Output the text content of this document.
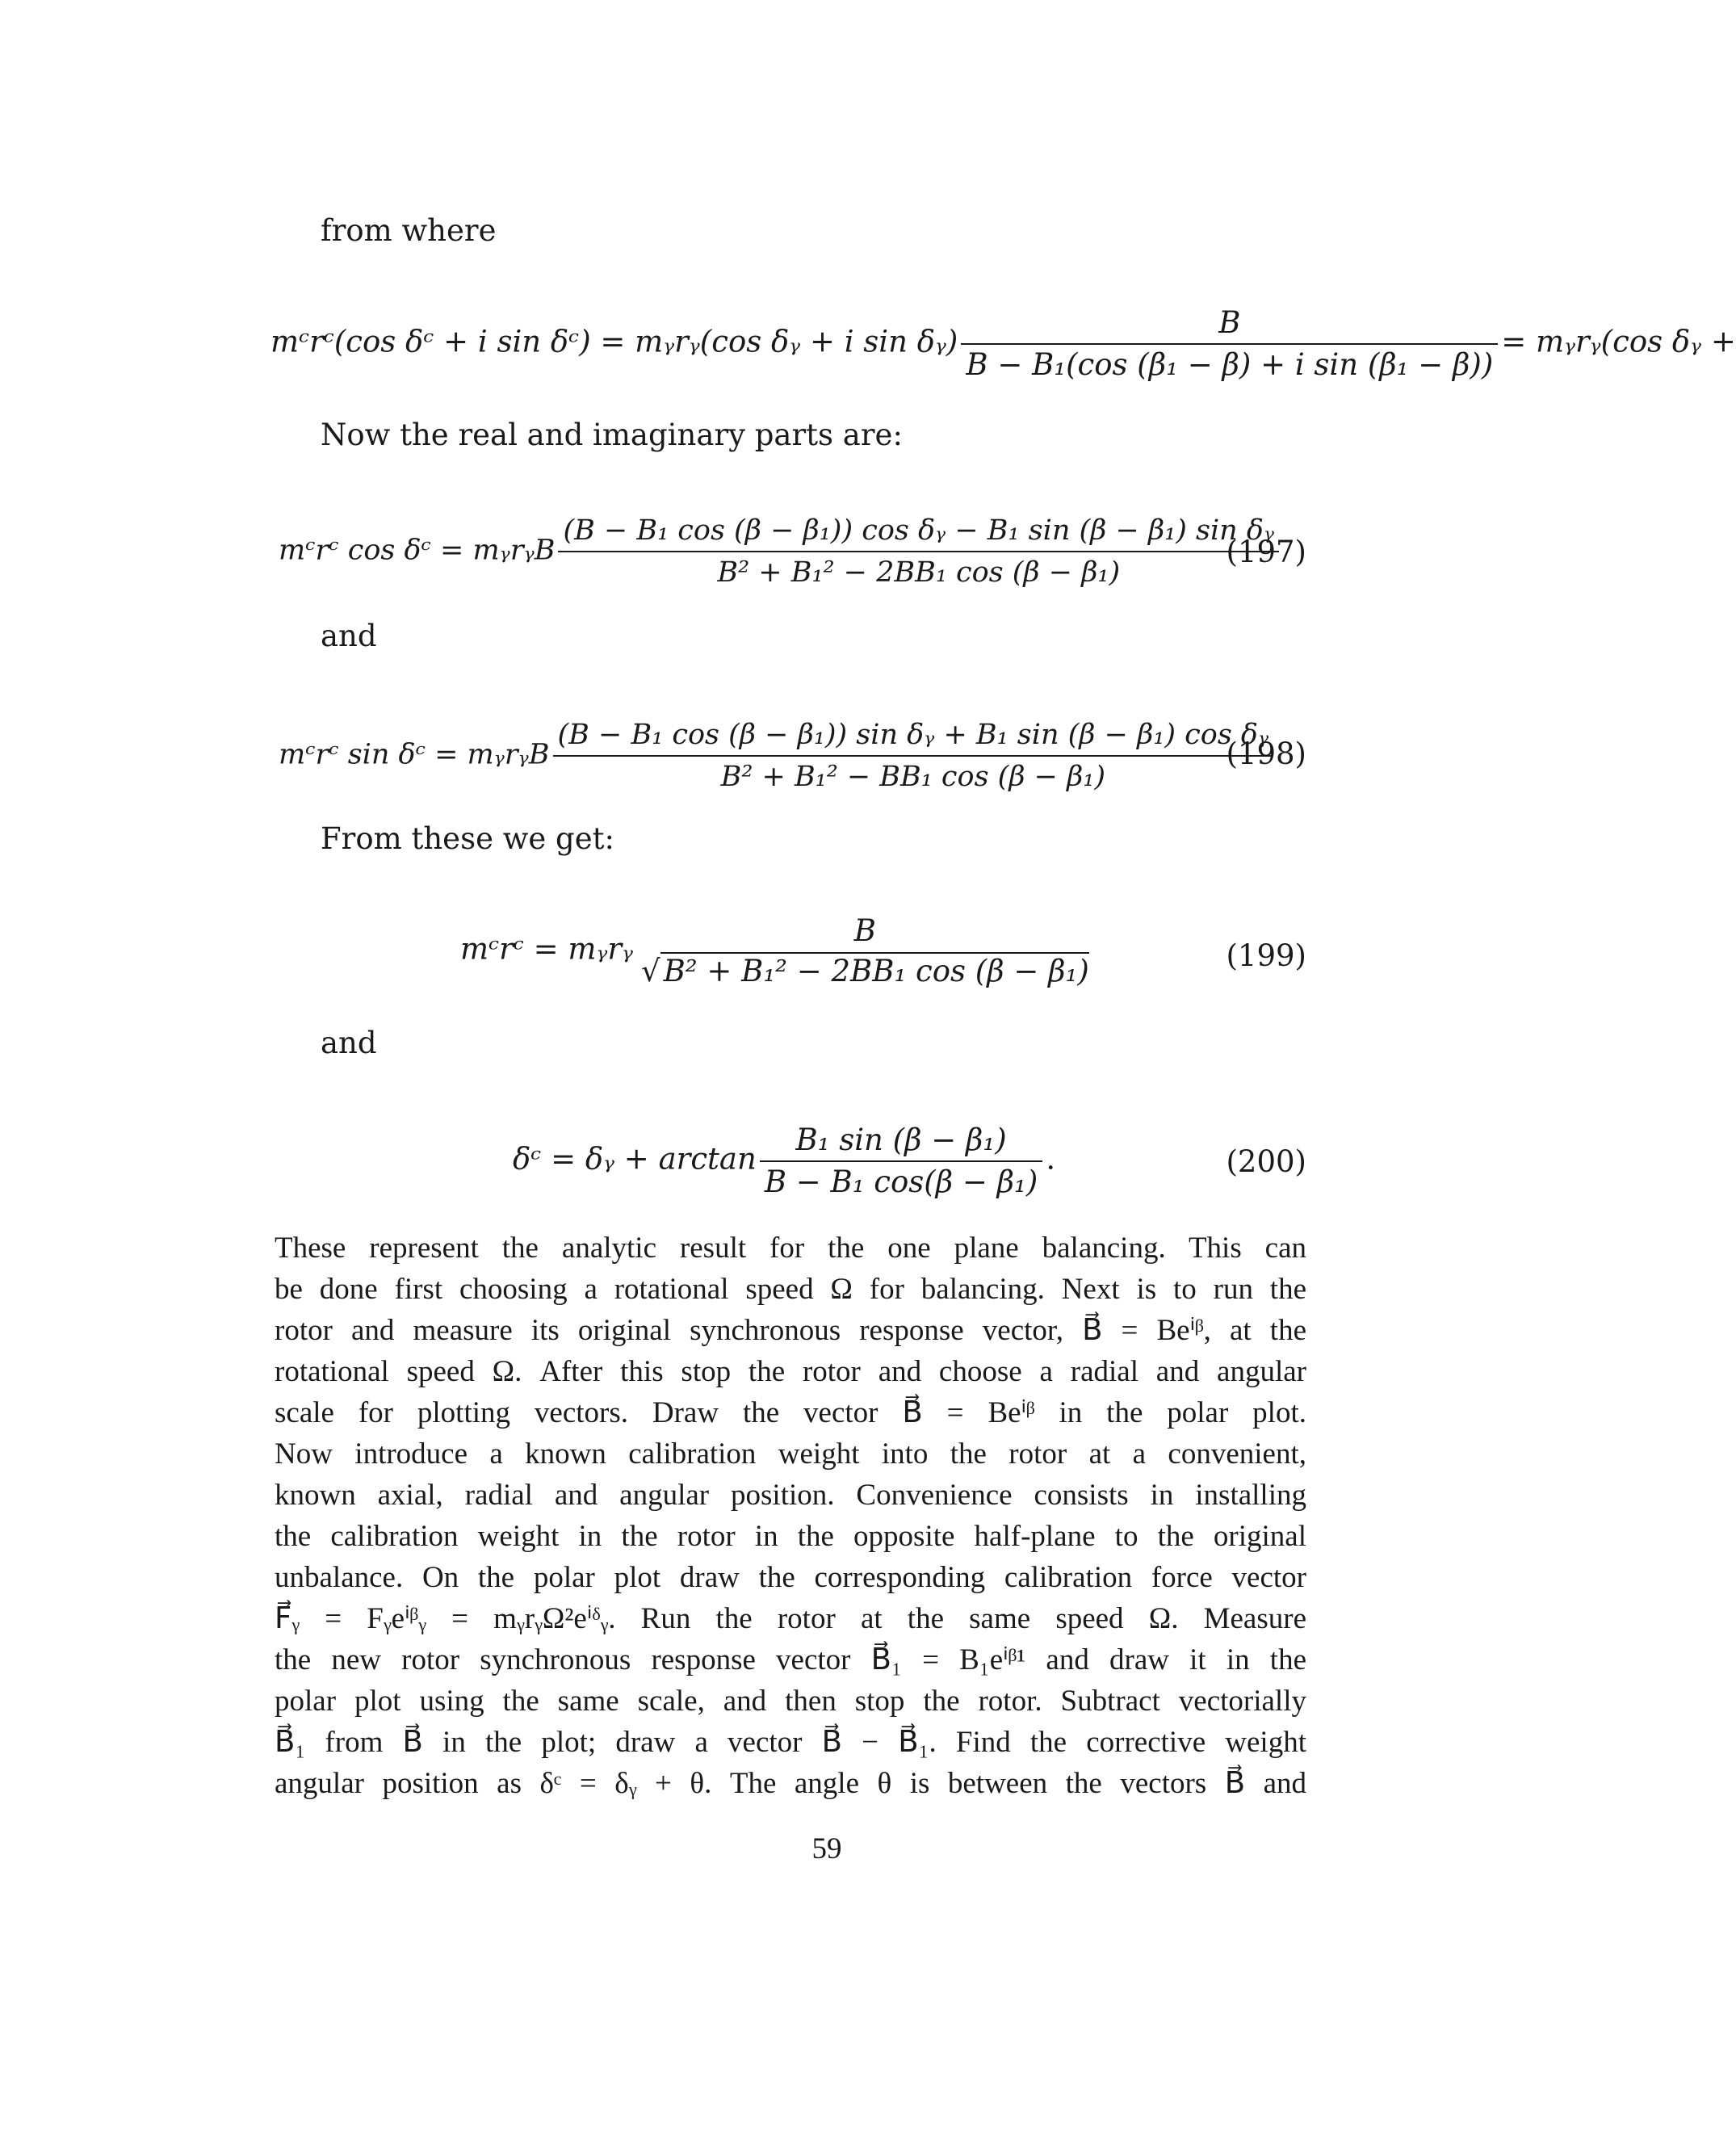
from where
mᶜrᶜ(cos δᶜ + i sin δᶜ) = mᵧrᵧ(cos δᵧ + i sin δᵧ) $\frac{B}{\text{B − B₁(cos (β₁ − β) + i sin (β₁ − β))}}$ = mᵧrᵧ(cos δᵧ +
Now the real and imaginary parts are:
mᶜrᶜ cos δᶜ = mᵧrᵧB $\frac{\text{(B − B₁ cos (β − β₁)) cos δᵧ − B₁ sin (β − β₁) sin δᵧ}}{\text{B² + B₁² − 2BB₁ cos (β − β₁)}}$
(197)
and
mᶜrᶜ sin δᶜ = mᵧrᵧB $\frac{\text{(B − B₁ cos (β − β₁)) sin δᵧ + B₁ sin (β − β₁) cos δᵧ}}{\text{B² + B₁² − BB₁ cos (β − β₁)}}$
(198)
From these we get:
mᶜrᶜ = mᵧrᵧ
B
√ B² + B₁² − 2BB₁ cos (β − β₁)	(199)
and
δᶜ = δᵧ + $\arctan \frac{\text{B₁ sin (β − β₁)}}{\text{B − B₁ cos(β − β₁)}}$ .	(200)
These represent the analytic result for the one plane balancing. This can
be done first choosing a rotational speed Ω for balancing. Next is to run the
rotor and measure its original synchronous response vector, B⃗ = Beⁱᵝ, at the
rotational speed Ω. After this stop the rotor and choose a radial and angular
scale for plotting vectors. Draw the vector B⃗ = Beⁱᵝ in the polar plot.
Now introduce a known calibration weight into the rotor at a convenient,
known axial, radial and angular position. Convenience consists in installing
the calibration weight in the rotor in the opposite half-plane to the original
unbalance. On the polar plot draw the corresponding calibration force vector
F⃗ᵧ = Fᵧeⁱᵝᵧ = mᵧrᵧΩ²eⁱᵟᵧ. Run the rotor at the same speed Ω. Measure
the new rotor synchronous response vector B⃗₁ = B₁eⁱᵝ¹ and draw it in the
polar plot using the same scale, and then stop the rotor. Subtract vectorially
B⃗₁ from B⃗ in the plot; draw a vector B⃗ − B⃗₁. Find the corrective weight
angular position as δᶜ = δᵧ + θ. The angle θ is between the vectors B⃗ and
59
